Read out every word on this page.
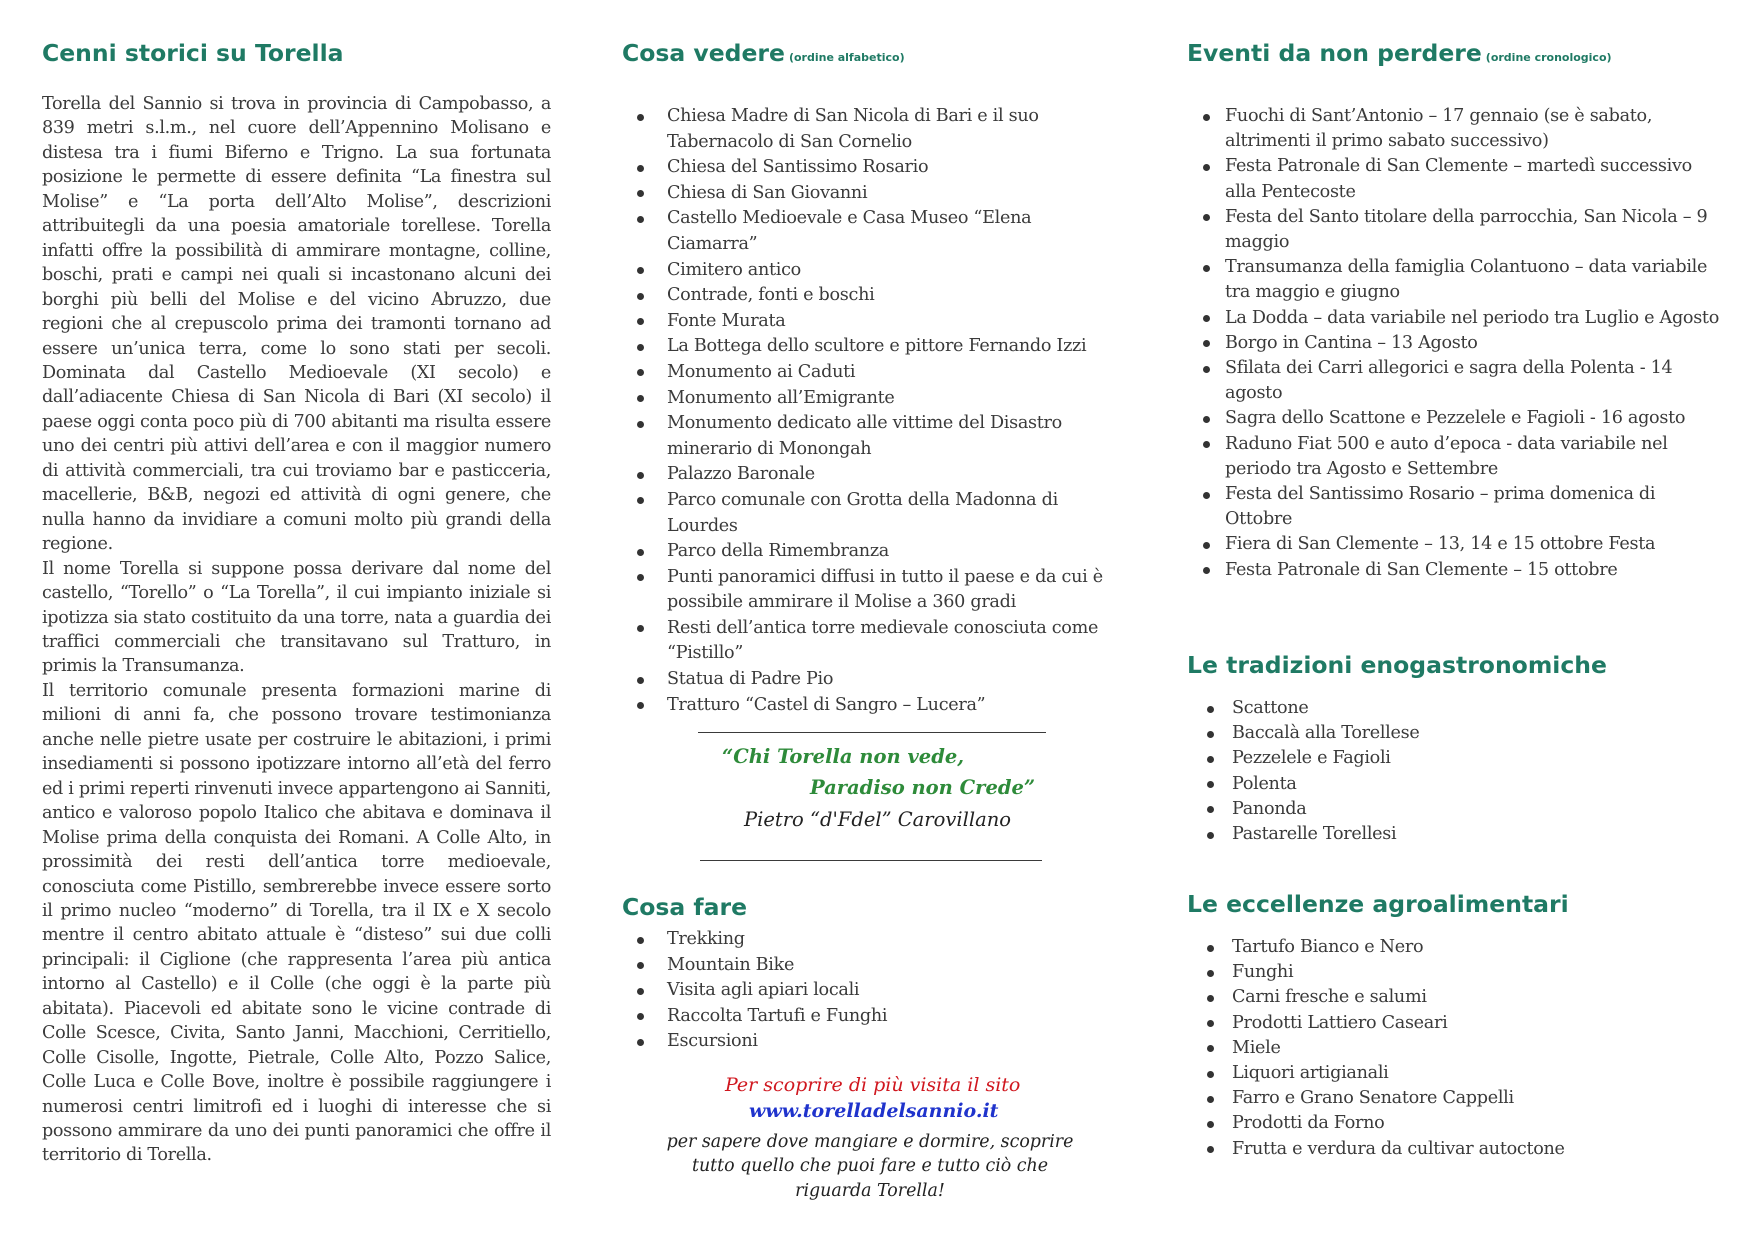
Cenni storici su Torella

Torella del Sannio si trova in provincia di Campobasso, a 839 metri s.l.m., nel cuore dell’Appennino Molisano e distesa tra i fiumi Biferno e Trigno. La sua fortunata posizione le permette di essere definita “La finestra sul Molise” e “La porta dell’Alto Molise”, descrizioni attribuitegli da una poesia amatoriale torellese. Torella infatti offre la possibilità di ammirare montagne, colline, boschi, prati e campi nei quali si incastonano alcuni dei borghi più belli del Molise e del vicino Abruzzo, due regioni che al crepuscolo prima dei tramonti tornano ad essere un’unica terra, come lo sono stati per secoli. Dominata dal Castello Medioevale (XI secolo) e dall’adiacente Chiesa di San Nicola di Bari (XI secolo) il paese oggi conta poco più di 700 abitanti ma risulta essere uno dei centri più attivi dell’area e con il maggior numero di attività commerciali, tra cui troviamo bar e pasticceria, macellerie, B&B, negozi ed attività di ogni genere, che nulla hanno da invidiare a comuni molto più grandi della regione.

Il nome Torella si suppone possa derivare dal nome del castello, “Torello” o “La Torella”, il cui impianto iniziale si ipotizza sia stato costituito da una torre, nata a guardia dei traffici commerciali che transitavano sul Tratturo, in primis la Transumanza.

Il territorio comunale presenta formazioni marine di milioni di anni fa, che possono trovare testimonianza anche nelle pietre usate per costruire le abitazioni, i primi insediamenti si possono ipotizzare intorno all’età del ferro ed i primi reperti rinvenuti invece appartengono ai Sanniti, antico e valoroso popolo Italico che abitava e dominava il Molise prima della conquista dei Romani. A Colle Alto, in prossimità dei resti dell’antica torre medioevale, conosciuta come Pistillo, sembrerebbe invece essere sorto il primo nucleo “moderno” di Torella, tra il IX e X secolo mentre il centro abitato attuale è “disteso” sui due colli principali: il Ciglione (che rappresenta l’area più antica intorno al Castello) e il Colle (che oggi è la parte più abitata). Piacevoli ed abitate sono le vicine contrade di Colle Scesce, Civita, Santo Janni, Macchioni, Cerritiello, Colle Cisolle, Ingotte, Pietrale, Colle Alto, Pozzo Salice, Colle Luca e Colle Bove, inoltre è possibile raggiungere i numerosi centri limitrofi ed i luoghi di interesse che si possono ammirare da uno dei punti panoramici che offre il territorio di Torella.

Cosa vedere (ordine alfabetico)
Chiesa Madre di San Nicola di Bari e il suo Tabernacolo di San Cornelio
Chiesa del Santissimo Rosario
Chiesa di San Giovanni
Castello Medioevale e Casa Museo “Elena Ciamarra”
Cimitero antico
Contrade, fonti e boschi
Fonte Murata
La Bottega dello scultore e pittore Fernando Izzi
Monumento ai Caduti
Monumento all’Emigrante
Monumento dedicato alle vittime del Disastro minerario di Monongah
Palazzo Baronale
Parco comunale con Grotta della Madonna di Lourdes
Parco della Rimembranza
Punti panoramici diffusi in tutto il paese e da cui è possibile ammirare il Molise a 360 gradi
Resti dell’antica torre medievale conosciuta come “Pistillo”
Statua di Padre Pio
Tratturo “Castel di Sangro – Lucera”
“Chi Torella non vede,
Paradiso non Crede”
Pietro “d'Fdel” Carovillano
Cosa fare
Trekking
Mountain Bike
Visita agli apiari locali
Raccolta Tartufi e Funghi
Escursioni
Per scoprire di più visita il sito
www.torelladelsannio.it
per sapere dove mangiare e dormire, scoprire tutto quello che puoi fare e tutto ciò che riguarda Torella!
Eventi da non perdere (ordine cronologico)
Fuochi di Sant’Antonio – 17 gennaio (se è sabato, altrimenti il primo sabato successivo)
Festa Patronale di San Clemente – martedì successivo alla Pentecoste
Festa del Santo titolare della parrocchia, San Nicola – 9 maggio
Transumanza della famiglia Colantuono – data variabile tra maggio e giugno
La Dodda – data variabile nel periodo tra Luglio e Agosto
Borgo in Cantina – 13 Agosto
Sfilata dei Carri allegorici e sagra della Polenta - 14 agosto
Sagra dello Scattone e Pezzelele e Fagioli - 16 agosto
Raduno Fiat 500 e auto d’epoca - data variabile nel periodo tra Agosto e Settembre
Festa del Santissimo Rosario – prima domenica di Ottobre
Fiera di San Clemente – 13, 14 e 15 ottobre Festa
Festa Patronale di San Clemente – 15 ottobre
Le tradizioni enogastronomiche
Scattone
Baccalà alla Torellese
Pezzelele e Fagioli
Polenta
Panonda
Pastarelle Torellesi
Le eccellenze agroalimentari
Tartufo Bianco e Nero
Funghi
Carni fresche e salumi
Prodotti Lattiero Caseari
Miele
Liquori artigianali
Farro e Grano Senatore Cappelli
Prodotti da Forno
Frutta e verdura da cultivar autoctone
